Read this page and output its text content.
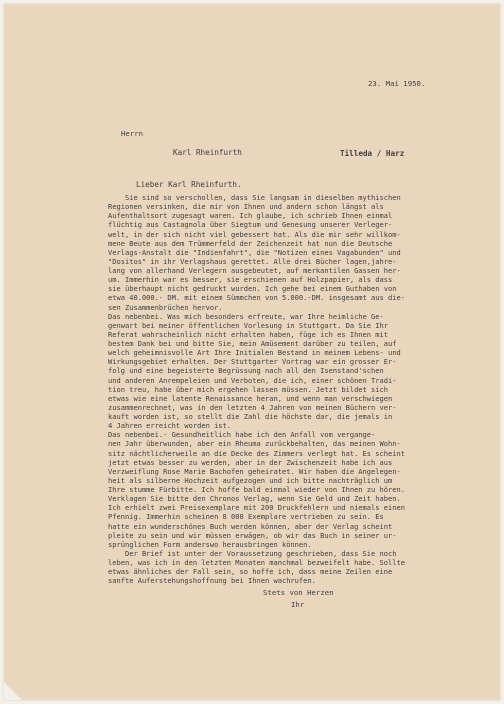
23. Mai 1950.
Herrn
Karl Rheinfurth	Tilleda / Harz
Lieber Karl Rheinfurth.
Sie sind so verschollen, dass Sie langsam in dieselben mythischen
Regionen versinken, die mir von Ihnen und andern schon längst als
Aufenthaltsort zugesagt waren. Ich glaube, ich schrieb Ihnen einmal
flüchtig aus Castagnola über Siegtum und Genesung unserer Verleger-
welt, in der sich nicht viel gebessert hat. Als die mir sehr willkom-
mene Beute aus dem Trümmerfeld der Zeichenzeit hat nun die Deutsche
Verlags-Anstalt die "Indienfahrt", die "Notizen eines Vagabunden" und
"Dositos" in ihr Verlagshaus gerettet. Alle drei Bücher lagen,jahre-
lang von allerhand Verlegern ausgebeutet, auf merkantilen Gassen her-
um. Immerhin war es besser, sie erschienen auf Holzpapier, als dass
sie überhaupt nicht gedruckt wurden. Ich gehe bei einem Guthaben von
etwa 40.000.- DM. mit einem Sümmchen von 5.000.-DM. insgesamt aus die-
sen Zusammenbrüchen hervor.
Das nebenbei. Was mich besonders erfreute, war Ihre heimliche Ge-
genwart bei meiner öffentlichen Vorlesung in Stuttgart. Da Sie Ihr
Referat wahrscheinlich nicht erhalten haben, füge ich es Ihnen mit
bestem Dank bei und bitte Sie, mein Amüsement darüber zu teilen, auf
welch geheimnisvolle Art Ihre Initialen Bestand in meinem Lebens- und
Wirkungsgebiet erhalten. Der Stuttgarter Vortrag war ein grosser Er-
folg und eine begeisterte Begrüssung nach all den Isenstand'schen
und anderen Anrempeleien und Verboten, die ich, einer schönen Tradi-
tion treu, habe über mich ergehen lassen müssen. Jetzt bildet sich
etwas wie eine latente Renaissance heran, und wenn man verschwiegen
zusammenrechnet, was in den letzten 4 Jahren von meinen Büchern ver-
kauft worden ist, so stellt die Zahl die höchste dar, die jemals in
4 Jahren erreicht worden ist.
Das nebenbei.- Gesundheitlich habe ich den Anfall vom vergange-
nen Jahr überwunden, aber ein Rheuma zurückbehalten, das meinen Wohn-
sitz nächtlicherweile an die Decke des Zimmers verlegt hat. Es scheint
jetzt etwas besser zu werden, aber in der Zwischenzeit habe ich aus
Verzweiflung Rose Marie Bachofen geheiratet. Wir haben die Angelegen-
heit als silberne Hochzeit aufgezogen und ich bitte nachträglich um
Ihre stumme Fürbitte. Ich hoffe bald einmal wieder von Ihnen zu hören.
Verklagen Sie bitte den Chronos Verlag, wenn Sie Geld und Zeit haben.
Ich erhielt zwei Preisexemplare mit 200 Druckfehlern und niemals einen
Pfennig. Immerhin scheinen 8 000 Exemplare vertrieben zu sein. Es
hatte ein wunderschönes Buch werden können, aber der Verlag scheint
pleite zu sein und wir müssen erwägen, ob wir das Buch in seiner ur-
sprünglichen Form anderswo herausbringen können.
Der Brief ist unter der Voraussetzung geschrieben, dass Sie noch
leben, was ich in den letzten Monaten manchmal bezweifelt habe. Sollte
etwas ähnliches der Fall sein, so hoffe ich, dass meine Zeilen eine
sanfte Auferstehungshoffnung bei Ihnen wachrufen.
Stets von Herzen
Ihr
